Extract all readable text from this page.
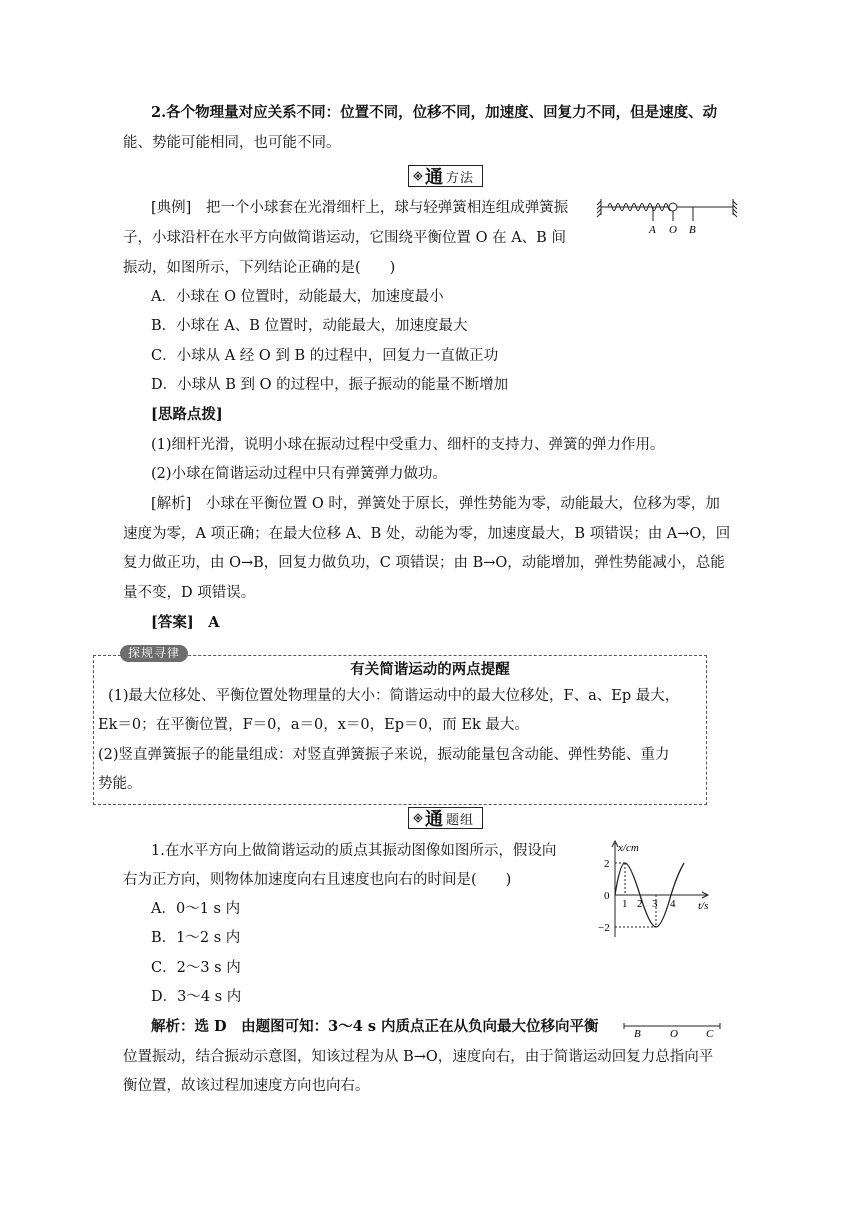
2.各个物理量对应关系不同：位置不同，位移不同，加速度、回复力不同，但是速度、动
能、势能可能相同，也可能不同。
通 方法
[典例]　把一个小球套在光滑细杆上，球与轻弹簧相连组成弹簧振
子，小球沿杆在水平方向做简谐运动，它围绕平衡位置 O 在 A、B 间
振动，如图所示，下列结论正确的是(　　)
A．小球在 O 位置时，动能最大，加速度最小
B．小球在 A、B 位置时，动能最大，加速度最大
C．小球从 A 经 O 到 B 的过程中，回复力一直做正功
D．小球从 B 到 O 的过程中，振子振动的能量不断增加
A O B
[思路点拨]
(1)细杆光滑，说明小球在振动过程中受重力、细杆的支持力、弹簧的弹力作用。
(2)小球在简谐运动过程中只有弹簧弹力做功。
[解析]　小球在平衡位置 O 时，弹簧处于原长，弹性势能为零，动能最大，位移为零，加
速度为零，A 项正确；在最大位移 A、B 处，动能为零，加速度最大，B 项错误；由 A→O，回
复力做正功，由 O→B，回复力做负功，C 项错误；由 B→O，动能增加，弹性势能减小，总能
量不变，D 项错误。
[答案]　A
探规寻律
有关简谐运动的两点提醒
(1)最大位移处、平衡位置处物理量的大小：简谐运动中的最大位移处，F、a、Ep 最大，
Ek＝0；在平衡位置，F＝0，a＝0，x＝0，Ep＝0，而 Ek 最大。
(2)竖直弹簧振子的能量组成：对竖直弹簧振子来说，振动能量包含动能、弹性势能、重力
势能。
通 题组
1.在水平方向上做简谐运动的质点其振动图像如图所示，假设向
右为正方向，则物体加速度向右且速度也向右的时间是(　　)
A．0～1 s 内
B．1～2 s 内
C．2～3 s 内
D．3～4 s 内
x/cm
t/s
2
0
−2
1 2 3 4
解析：选 D　由题图可知：3～4 s 内质点正在从负向最大位移向平衡
位置振动，结合振动示意图，知该过程为从 B→O，速度向右，由于简谐运动回复力总指向平
衡位置，故该过程加速度方向也向右。
B	O	C
